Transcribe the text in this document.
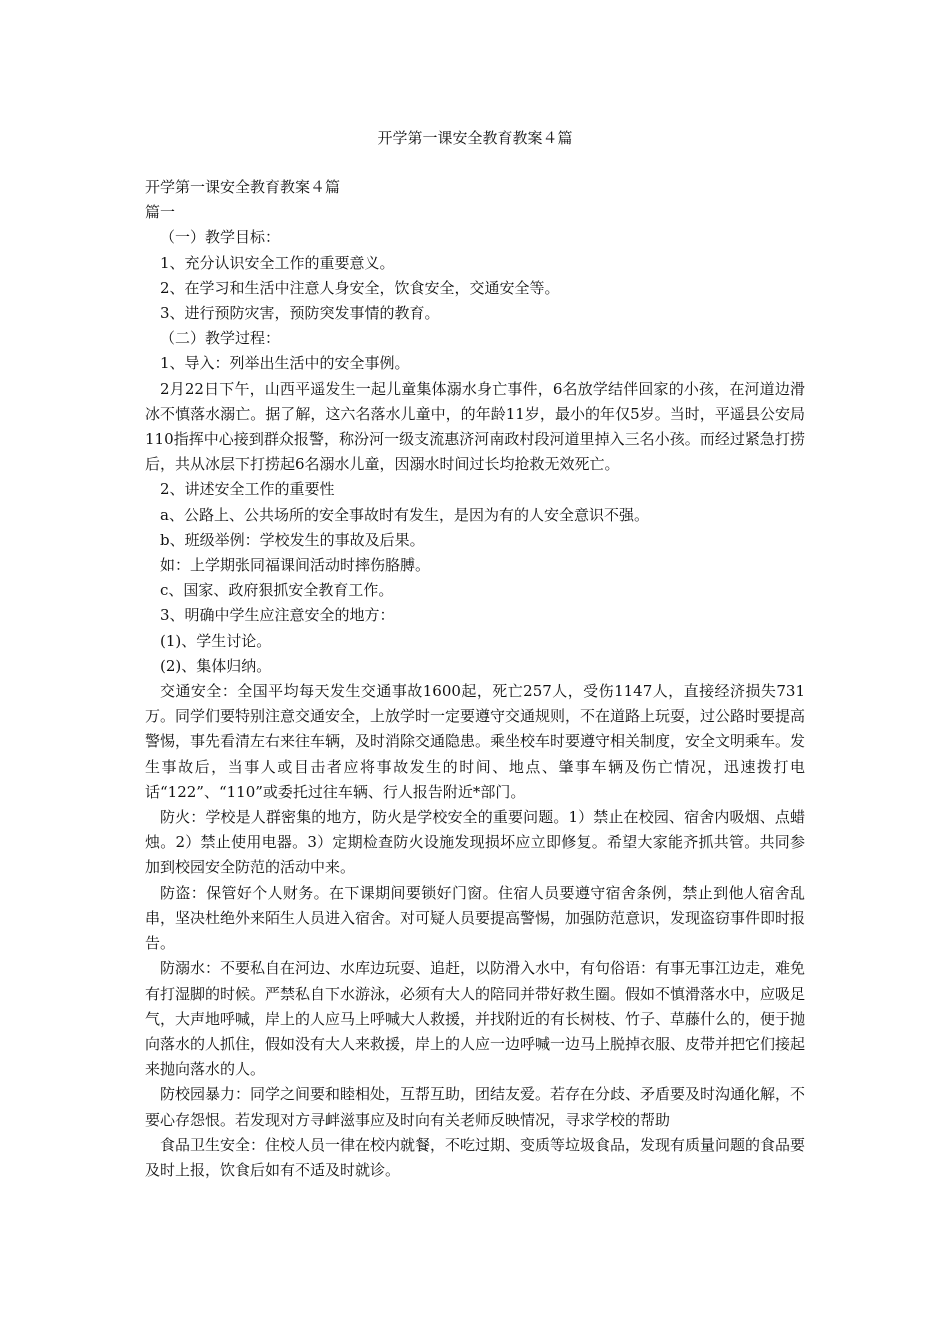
开学第一课安全教育教案４篇

开学第一课安全教育教案４篇

篇一

（一）教学目标：

1、充分认识安全工作的重要意义。

2、在学习和生活中注意人身安全，饮食安全，交通安全等。

3、进行预防灾害，预防突发事情的教育。

（二）教学过程：

1、导入：列举出生活中的安全事例。

2月22日下午，山西平遥发生一起儿童集体溺水身亡事件，6名放学结伴回家的小孩，在河道边滑冰不慎落水溺亡。据了解，这六名落水儿童中，的年龄11岁，最小的年仅5岁。当时，平遥县公安局110指挥中心接到群众报警，称汾河一级支流惠济河南政村段河道里掉入三名小孩。而经过紧急打捞后，共从冰层下打捞起6名溺水儿童，因溺水时间过长均抢救无效死亡。

2、讲述安全工作的重要性

a、公路上、公共场所的安全事故时有发生，是因为有的人安全意识不强。

b、班级举例：学校发生的事故及后果。

如：上学期张同福课间活动时摔伤胳膊。

c、国家、政府狠抓安全教育工作。

3、明确中学生应注意安全的地方：

(1)、学生讨论。

(2)、集体归纳。

交通安全：全国平均每天发生交通事故1600起，死亡257人，受伤1147人，直接经济损失731万。同学们要特别注意交通安全，上放学时一定要遵守交通规则，不在道路上玩耍，过公路时要提高警惕，事先看清左右来往车辆，及时消除交通隐患。乘坐校车时要遵守相关制度，安全文明乘车。发生事故后，当事人或目击者应将事故发生的时间、地点、肇事车辆及伤亡情况，迅速拨打电话“122”、“110”或委托过往车辆、行人报告附近*部门。

防火：学校是人群密集的地方，防火是学校安全的重要问题。1）禁止在校园、宿舍内吸烟、点蜡烛。2）禁止使用电器。3）定期检查防火设施发现损坏应立即修复。希望大家能齐抓共管。共同参加到校园安全防范的活动中来。

防盗：保管好个人财务。在下课期间要锁好门窗。住宿人员要遵守宿舍条例，禁止到他人宿舍乱串，坚决杜绝外来陌生人员进入宿舍。对可疑人员要提高警惕，加强防范意识，发现盗窃事件即时报告。

防溺水：不要私自在河边、水库边玩耍、追赶，以防滑入水中，有句俗语：有事无事江边走，难免有打湿脚的时候。严禁私自下水游泳，必须有大人的陪同并带好救生圈。假如不慎滑落水中，应吸足气，大声地呼喊，岸上的人应马上呼喊大人救援，并找附近的有长树枝、竹子、草藤什么的，便于抛向落水的人抓住，假如没有大人来救援，岸上的人应一边呼喊一边马上脱掉衣服、皮带并把它们接起来抛向落水的人。

防校园暴力：同学之间要和睦相处，互帮互助，团结友爱。若存在分歧、矛盾要及时沟通化解，不要心存怨恨。若发现对方寻衅滋事应及时向有关老师反映情况，寻求学校的帮助

食品卫生安全：住校人员一律在校内就餐，不吃过期、变质等垃圾食品，发现有质量问题的食品要及时上报，饮食后如有不适及时就诊。
